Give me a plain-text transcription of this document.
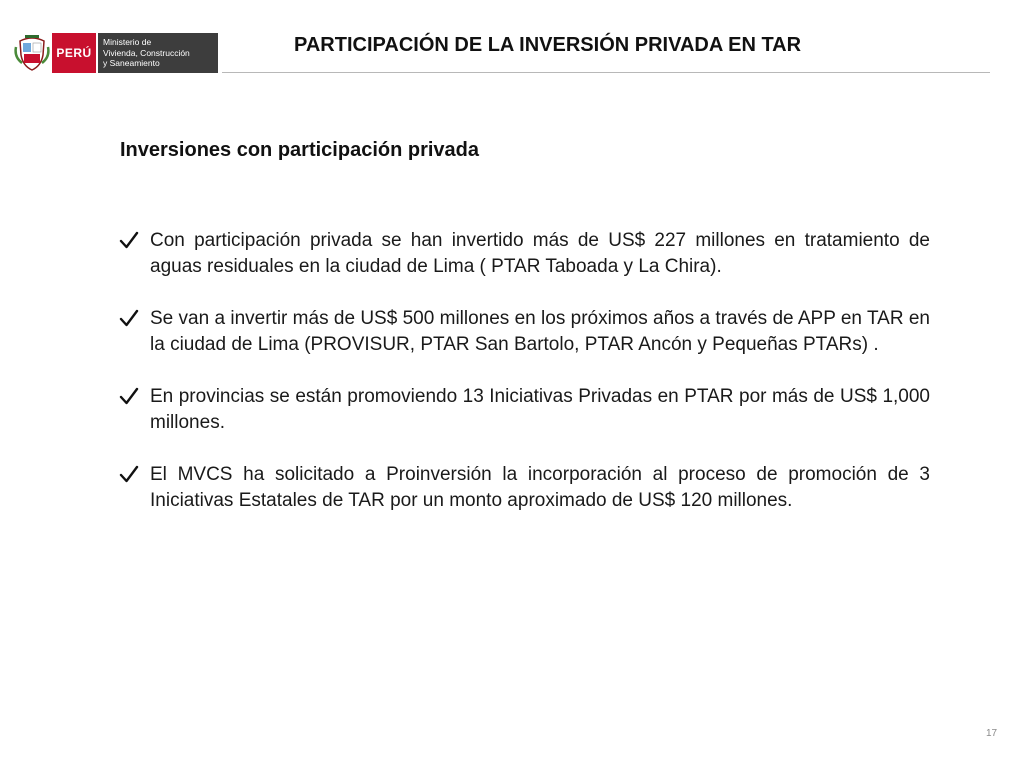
PERÚ
Ministerio de
Vivienda, Construcción
y Saneamiento
PARTICIPACIÓN DE LA INVERSIÓN PRIVADA EN TAR
Inversiones con participación privada
Con participación privada se han invertido más de US$ 227 millones en tratamiento de aguas residuales en la ciudad de Lima ( PTAR Taboada y La Chira).
Se van a invertir más de US$ 500 millones en los próximos años a través de APP en TAR en la ciudad de Lima (PROVISUR, PTAR San Bartolo, PTAR Ancón y Pequeñas PTARs) .
En provincias se están promoviendo 13 Iniciativas Privadas en PTAR por más de US$ 1,000 millones.
El MVCS ha solicitado a Proinversión la incorporación al proceso de promoción de 3 Iniciativas Estatales de TAR por un monto aproximado de US$ 120 millones.
17
